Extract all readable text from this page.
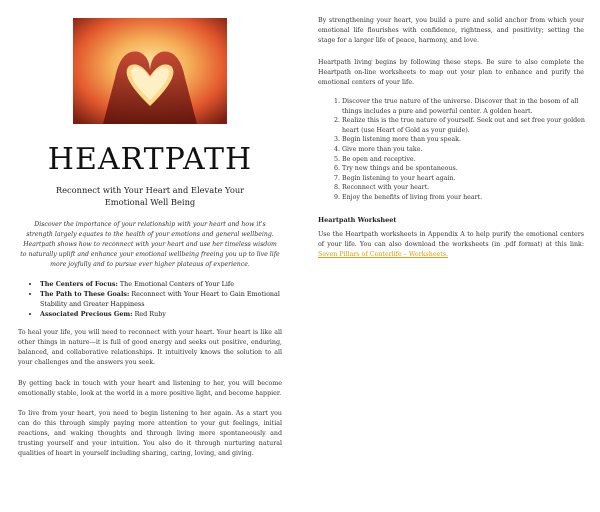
HEARTPATH
Reconnect with Your Heart and Elevate Your Emotional Well Being
Discover the importance of your relationship with your heart and how it's strength largely equates to the health of your emotions and general wellbeing. Heartpath shows how to reconnect with your heart and use her timeless wisdom to naturally uplift and enhance your emotional wellbeing freeing you up to live life more joyfully and to pursue ever higher plateaus of experience.
• The Centers of Focus: The Emotional Centers of Your Life
• The Path to These Goals: Reconnect with Your Heart to Gain Emotional Stability and Greater Happiness
• Associated Precious Gem: Red Ruby
To heal your life, you will need to reconnect with your heart. Your heart is like all other things in nature—it is full of good energy and seeks out positive, enduring, balanced, and collaborative relationships. It intuitively knows the solution to all your challenges and the answers you seek.
By getting back in touch with your heart and listening to her, you will become emotionally stable, look at the world in a more positive light, and become happier.
To live from your heart, you need to begin listening to her again. As a start you can do this through simply paying more attention to your gut feelings, initial reactions, and waking thoughts and through living more spontaneously and trusting yourself and your intuition. You also do it through nurturing natural qualities of heart in yourself including sharing, caring, loving, and giving.
By strengthening your heart, you build a pure and solid anchor from which your emotional life flourishes with confidence, rightness, and positivity; setting the stage for a larger life of peace, harmony, and love.
Heartpath living begins by following these steps. Be sure to also complete the Heartpath on-line worksheets to map out your plan to enhance and purify the emotional centers of your life.
1. Discover the true nature of the universe. Discover that in the bosom of all things includes a pure and powerful center. A golden heart.
2. Realize this is the true nature of yourself. Seek out and set free your golden heart (use Heart of Gold as your guide).
3. Begin listening more than you speak.
4. Give more than you take.
5. Be open and receptive.
6. Try new things and be spontaneous.
7. Begin listening to your heart again.
8. Reconnect with your heart.
9. Enjoy the benefits of living from your heart.
Heartpath Worksheet
Use the Heartpath worksheets in Appendix A to help purify the emotional centers of your life. You can also download the worksheets (in .pdf format) at this link: Seven Pillars of Centerlife – Worksheets.
